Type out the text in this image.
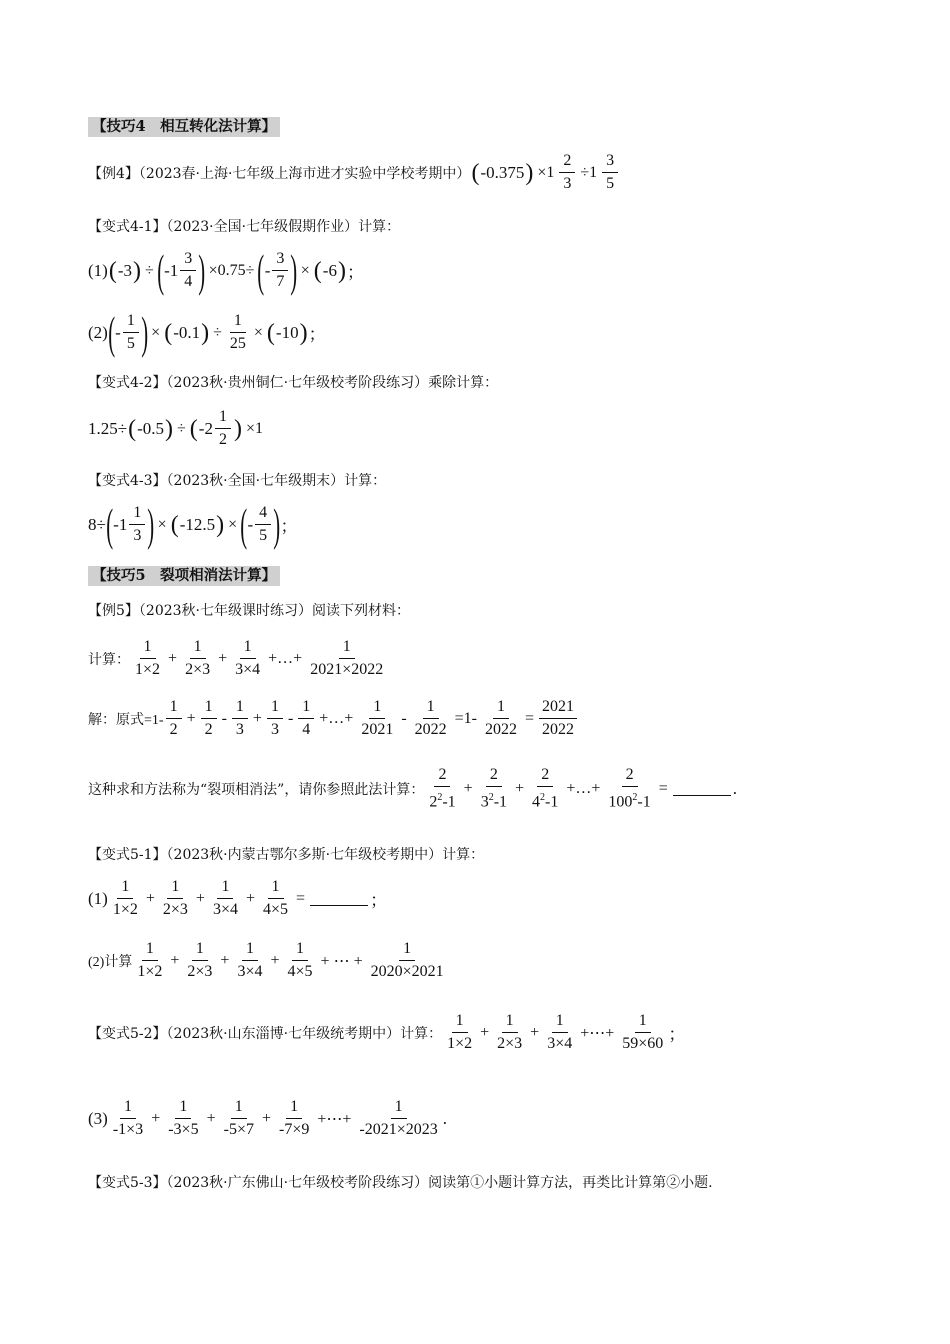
【技巧4　相互转化法计算】
【例4】（2023春·上海·七年级上海市进才实验中学校考期中） ( -0.375 ) $\times 1 \frac{2}{3} \div 1 \frac{3}{5}$
【变式4-1】（2023·全国·七年级假期作业）计算：
(1) ( -3 ) ÷ ( $-1 \frac{3}{4}$ ) ×0.75÷ ( - $\frac{3}{7}$ ) × ( -6 ) ；
(2) ( - $\frac{1}{5}$ ) × ( -0.1 ) ÷ $\frac{1}{25}$ × ( -10 ) ；
【变式4-2】（2023秋·贵州铜仁·七年级校考阶段练习）乘除计算：
1.25÷ ( -0.5 ) ÷ ( $-2 \frac{1}{2}$ ) ×1
【变式4-3】（2023秋·全国·七年级期末）计算：
8÷ ( $-1 \frac{1}{3}$ ) × ( -12.5 ) × ( - $\frac{4}{5}$ ) ；
【技巧5　裂项相消法计算】
【例5】（2023秋·七年级课时练习）阅读下列材料：
计算： $\frac{1}{1\times 2} + \frac{1}{2\times 3} + \frac{1}{3\times 4}$ +…+ $\frac{1}{2021\times 2022}$
解：原式$=1- \frac{1}{2} + \frac{1}{2} - \frac{1}{3} + \frac{1}{3} - \frac{1}{4}$ +…+ $\frac{1}{2021} - \frac{1}{2022} =1- \frac{1}{2022} = \frac{2021}{2022}$
这种求和方法称为“裂项相消法”，请你参照此法计算： $\frac{2}{2^2-1} + \frac{2}{3^2-1} + \frac{2}{4^2-1}$ +…+ $\frac{2}{100^2-1}$ =	.
【变式5-1】（2023秋·内蒙古鄂尔多斯·七年级校考期中）计算：
$(1) \frac{1}{1\times 2} + \frac{1}{2\times 3} + \frac{1}{3\times 4} + \frac{1}{4\times 5}$ =	；
(2)计算 $\frac{1}{1\times 2} + \frac{1}{2\times 3} + \frac{1}{3\times 4} + \frac{1}{4\times 5}$ + ⋯ + $\frac{1}{2020\times 2021}$
【变式5-2】（2023秋·山东淄博·七年级统考期中）计算： $\frac{1}{1\times 2} + \frac{1}{2\times 3} + \frac{1}{3\times 4}$ +⋯+ $\frac{1}{59\times 60}$ ；
$(3) \frac{1}{-1\times 3} + \frac{1}{-3\times 5} + \frac{1}{-5\times 7} + \frac{1}{-7\times 9}$ +⋯+ $\frac{1}{-2021\times 2023}$ .
【变式5-3】（2023秋·广东佛山·七年级校考阶段练习）阅读第①小题计算方法，再类比计算第②小题.
